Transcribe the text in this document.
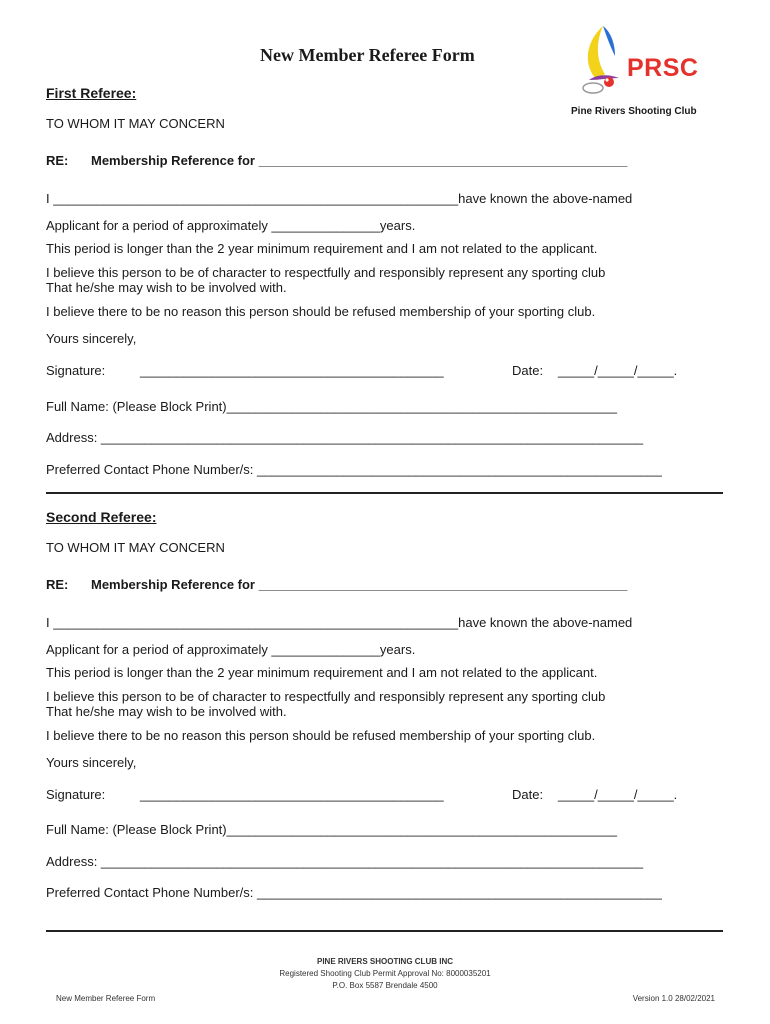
New Member Referee Form	PRSC
Pine Rivers Shooting Club
First Referee:
TO WHOM IT MAY CONCERN
RE: Membership Reference for ___________________________________________________
I ________________________________________________________have known the above-named
Applicant for a period of approximately _______________years.
This period is longer than the 2 year minimum requirement and I am not related to the applicant.
I believe this person to be of character to respectfully and responsibly represent any sporting club
That he/she may wish to be involved with.
I believe there to be no reason this person should be refused membership of your sporting club.
Yours sincerely,
Signature:	__________________________________________	Date: _____/_____/_____.
Full Name: (Please Block Print)______________________________________________________
Address: ___________________________________________________________________________
Preferred Contact Phone Number/s: ________________________________________________________
Second Referee:
TO WHOM IT MAY CONCERN
RE: Membership Reference for ___________________________________________________
I ________________________________________________________have known the above-named
Applicant for a period of approximately _______________years.
This period is longer than the 2 year minimum requirement and I am not related to the applicant.
I believe this person to be of character to respectfully and responsibly represent any sporting club
That he/she may wish to be involved with.
I believe there to be no reason this person should be refused membership of your sporting club.
Yours sincerely,
Signature:	__________________________________________	Date: _____/_____/_____.
Full Name: (Please Block Print)______________________________________________________
Address: ___________________________________________________________________________
Preferred Contact Phone Number/s: ________________________________________________________
PINE RIVERS SHOOTING CLUB INC
Registered Shooting Club Permit Approval No: 8000035201
P.O. Box 5587 Brendale 4500
New Member Referee Form	Version 1.0 28/02/2021
